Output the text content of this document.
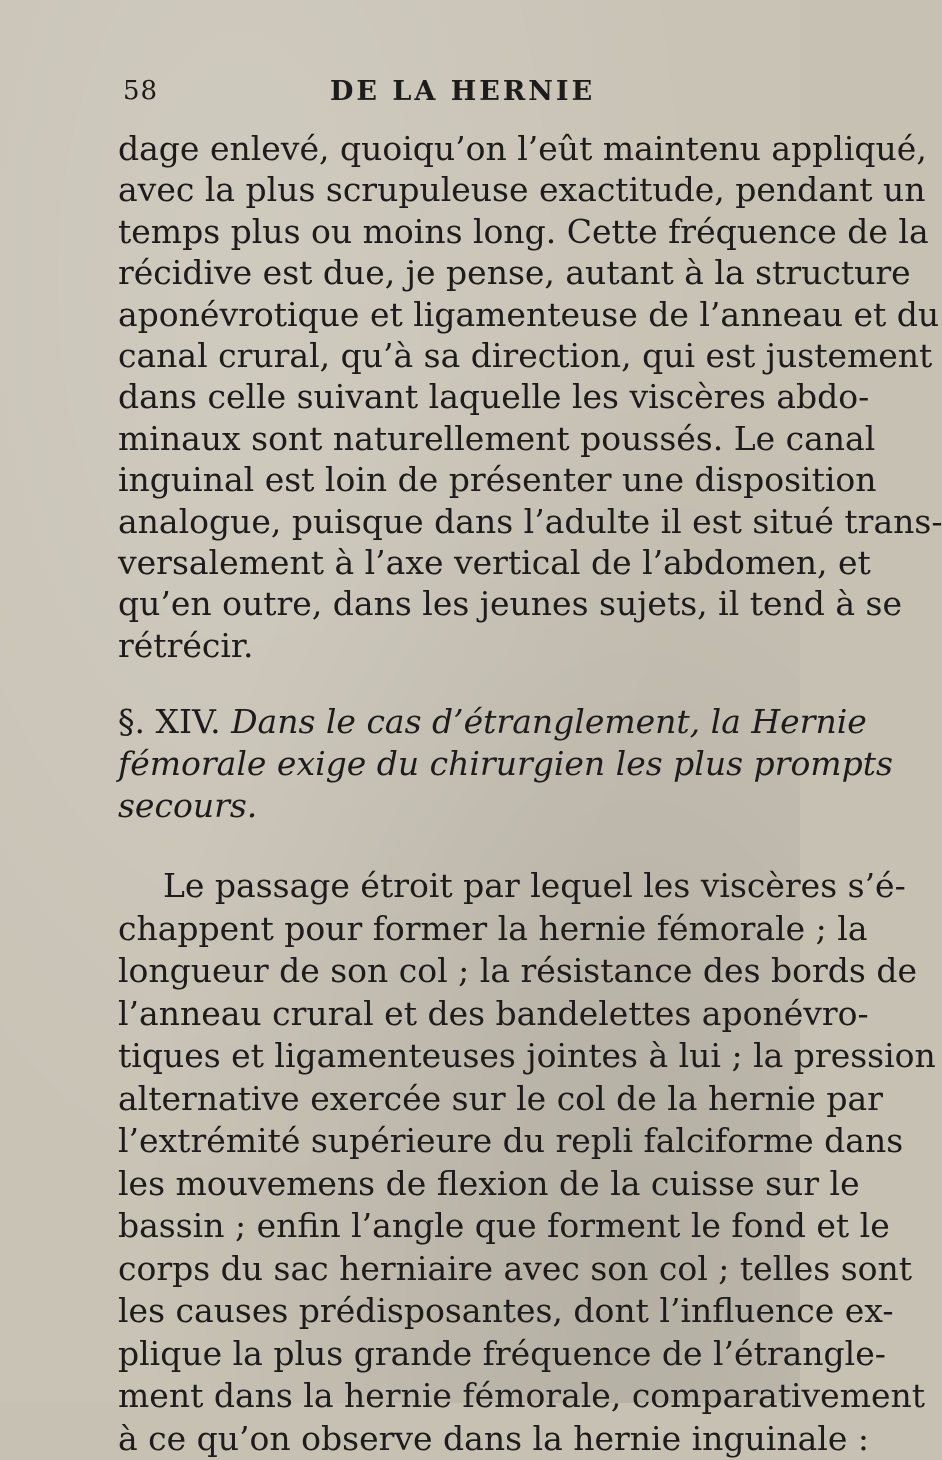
58	DE LA HERNIE
dage enlevé, quoiqu’on l’eût maintenu appliqué,
avec la plus scrupuleuse exactitude, pendant un
temps plus ou moins long. Cette fréquence de la
récidive est due, je pense, autant à la structure
aponévrotique et ligamenteuse de l’anneau et du
canal crural, qu’à sa direction, qui est justement
dans celle suivant laquelle les viscères abdo-
minaux sont naturellement poussés. Le canal
inguinal est loin de présenter une disposition
analogue, puisque dans l’adulte il est situé trans-
versalement à l’axe vertical de l’abdomen, et
qu’en outre, dans les jeunes sujets, il tend à se
rétrécir.
§. XIV. Dans le cas d’étranglement, la Hernie
fémorale exige du chirurgien les plus prompts
secours.
Le passage étroit par lequel les viscères s’é-
chappent pour former la hernie fémorale ; la
longueur de son col ; la résistance des bords de
l’anneau crural et des bandelettes aponévro-
tiques et ligamenteuses jointes à lui ; la pression
alternative exercée sur le col de la hernie par
l’extrémité supérieure du repli falciforme dans
les mouvemens de flexion de la cuisse sur le
bassin ; enfin l’angle que forment le fond et le
corps du sac herniaire avec son col ; telles sont
les causes prédisposantes, dont l’influence ex-
plique la plus grande fréquence de l’étrangle-
ment dans la hernie fémorale, comparativement
à ce qu’on observe dans la hernie inguinale :
